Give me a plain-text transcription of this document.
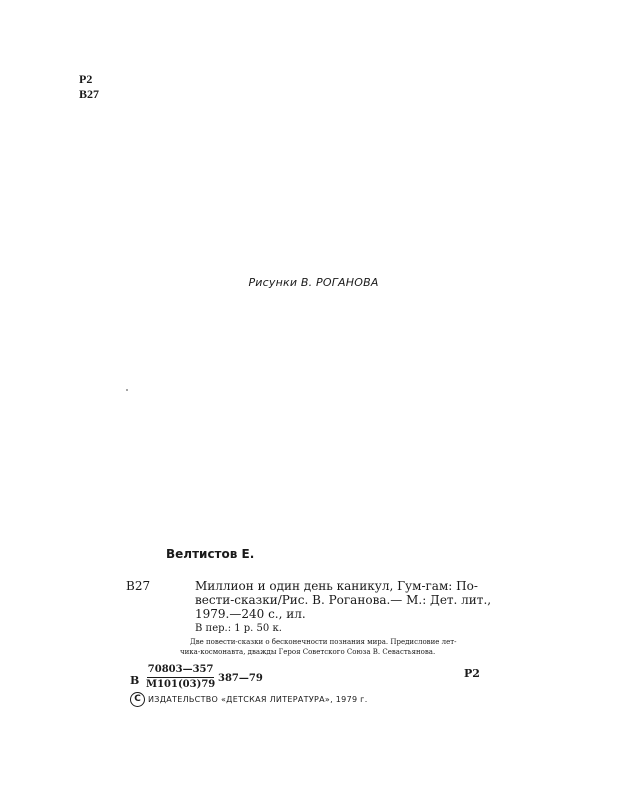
Р2
В27
Рисунки В. РОГАНОВА
Велтистов Е.
В27	Миллион и один день каникул, Гум-гам: По-
вести-сказки/Рис. В. Роганова.— М.: Дет. лит.,
1979.—240 с., ил.
В пер.: 1 р. 50 к.
Две повести-сказки о бесконечности познания мира. Предисловие лет-
чика-космонавта, дважды Героя Советского Союза В. Севастьянова.
В
70803—357
М101(03)79
387—79	Р2
C ИЗДАТЕЛЬСТВО «ДЕТСКАЯ ЛИТЕРАТУРА», 1979 г.
